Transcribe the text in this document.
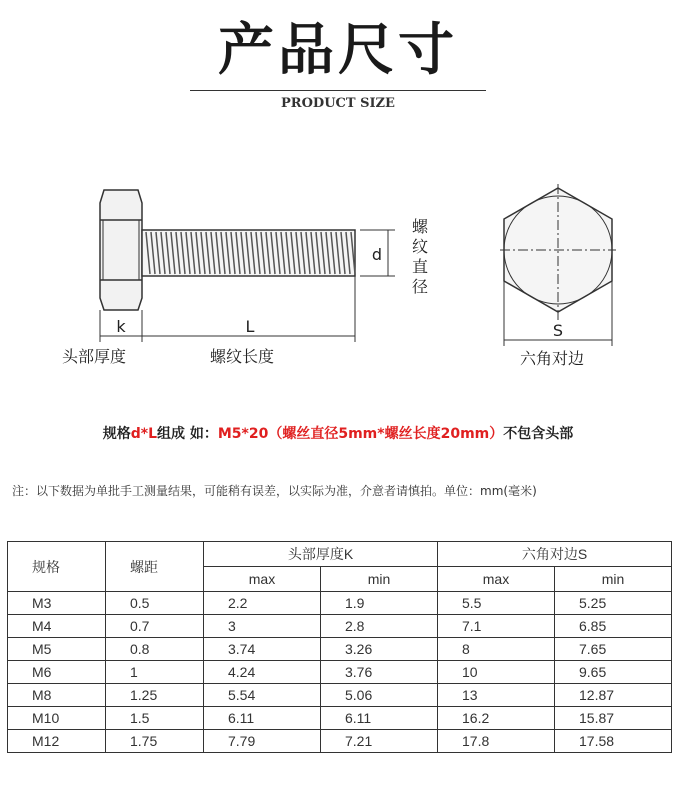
产品尺寸
PRODUCT SIZE
d
螺
纹
直
径
k	L
头部厚度	螺纹长度
S
六角对边
规格d*L组成 如：M5*20（螺丝直径5mm*螺丝长度20mm）不包含头部
注：以下数据为单批手工测量结果，可能稍有误差，以实际为准，介意者请慎拍。单位：mm(毫米)
规格	螺距	头部厚度K		六角对边S	
		max	min	max	min
M3	0.5	2.2	1.9	5.5	5.25
M4	0.7	3	2.8	7.1	6.85
M5	0.8	3.74	3.26	8	7.65
M6	1	4.24	3.76	10	9.65
M8	1.25	5.54	5.06	13	12.87
M10	1.5	6.11	6.11	16.2	15.87
M12	1.75	7.79	7.21	17.8	17.58
